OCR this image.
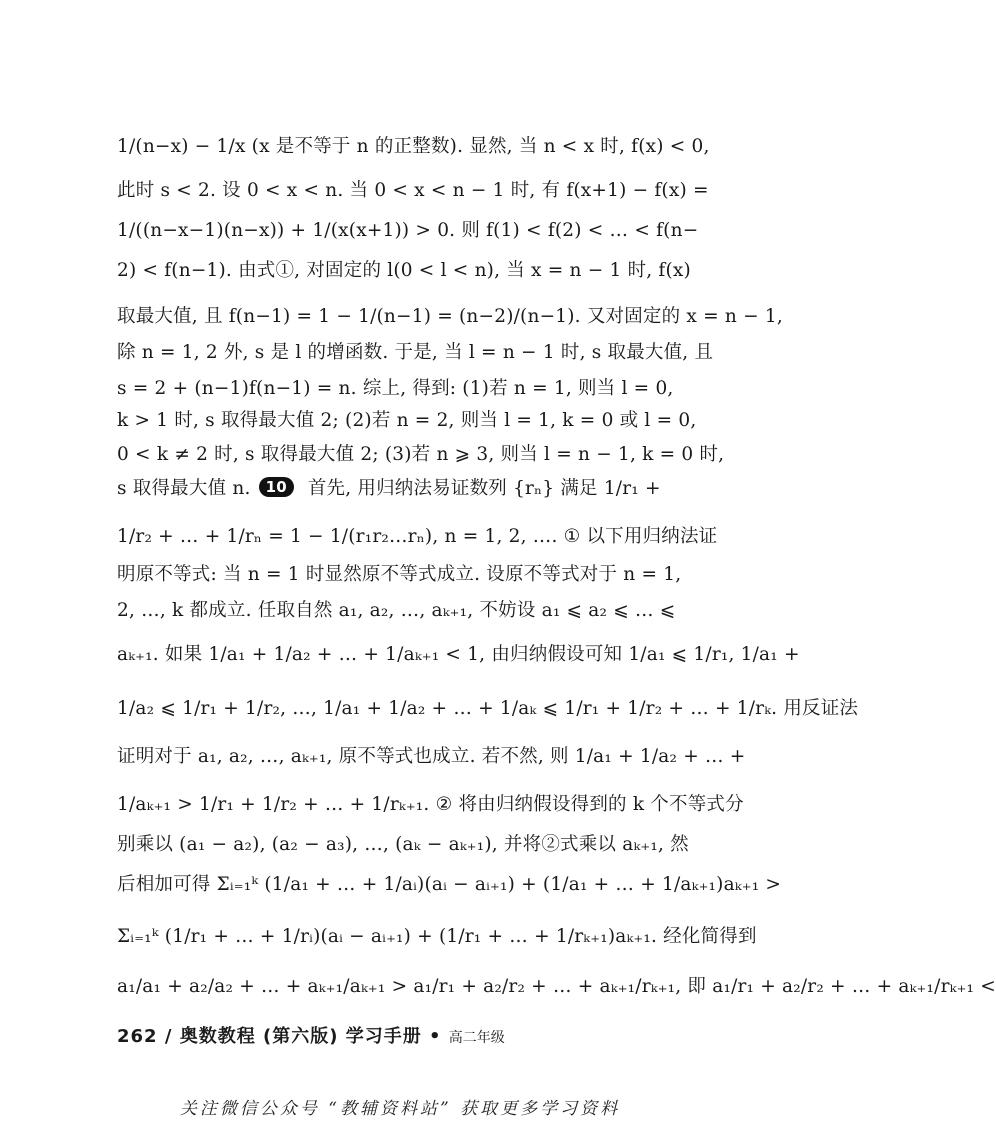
1/(n−x) − 1/x (x 是不等于 n 的正整数). 显然, 当 n < x 时, f(x) < 0,
此时 s < 2. 设 0 < x < n. 当 0 < x < n − 1 时, 有 f(x+1) − f(x) =
1/((n−x−1)(n−x)) + 1/(x(x+1)) > 0. 则 f(1) < f(2) < … < f(n−
2) < f(n−1). 由式①, 对固定的 l(0 < l < n), 当 x = n − 1 时, f(x)
取最大值, 且 f(n−1) = 1 − 1/(n−1) = (n−2)/(n−1). 又对固定的 x = n − 1,
除 n = 1, 2 外, s 是 l 的增函数. 于是, 当 l = n − 1 时, s 取最大值, 且
s = 2 + (n−1)f(n−1) = n. 综上, 得到: (1)若 n = 1, 则当 l = 0,
k > 1 时, s 取得最大值 2; (2)若 n = 2, 则当 l = 1, k = 0 或 l = 0,
0 < k ≠ 2 时, s 取得最大值 2; (3)若 n ⩾ 3, 则当 l = n − 1, k = 0 时,
s 取得最大值 n.	10	首先, 用归纳法易证数列 {rₙ} 满足 1/r₁ +
1/r₂ + … + 1/rₙ = 1 − 1/(r₁r₂…rₙ), n = 1, 2, …. ① 以下用归纳法证
明原不等式: 当 n = 1 时显然原不等式成立. 设原不等式对于 n = 1,
2, …, k 都成立. 任取自然 a₁, a₂, …, aₖ₊₁, 不妨设 a₁ ⩽ a₂ ⩽ … ⩽
aₖ₊₁. 如果 1/a₁ + 1/a₂ + … + 1/aₖ₊₁ < 1, 由归纳假设可知 1/a₁ ⩽ 1/r₁, 1/a₁ +
1/a₂ ⩽ 1/r₁ + 1/r₂, …, 1/a₁ + 1/a₂ + … + 1/aₖ ⩽ 1/r₁ + 1/r₂ + … + 1/rₖ. 用反证法
证明对于 a₁, a₂, …, aₖ₊₁, 原不等式也成立. 若不然, 则 1/a₁ + 1/a₂ + … +
1/aₖ₊₁ > 1/r₁ + 1/r₂ + … + 1/rₖ₊₁. ② 将由归纳假设得到的 k 个不等式分
别乘以 (a₁ − a₂), (a₂ − a₃), …, (aₖ − aₖ₊₁), 并将②式乘以 aₖ₊₁, 然
后相加可得 Σᵢ₌₁ᵏ (1/a₁ + … + 1/aᵢ)(aᵢ − aᵢ₊₁) + (1/a₁ + … + 1/aₖ₊₁)aₖ₊₁ >
Σᵢ₌₁ᵏ (1/r₁ + … + 1/rᵢ)(aᵢ − aᵢ₊₁) + (1/r₁ + … + 1/rₖ₊₁)aₖ₊₁. 经化简得到
a₁/a₁ + a₂/a₂ + … + aₖ₊₁/aₖ₊₁ > a₁/r₁ + a₂/r₂ + … + aₖ₊₁/rₖ₊₁, 即 a₁/r₁ + a₂/r₂ + … + aₖ₊₁/rₖ₊₁ <
262 / 奥数教程 (第六版) 学习手册 • 高二年级
关注微信公众号 “教辅资料站” 获取更多学习资料
